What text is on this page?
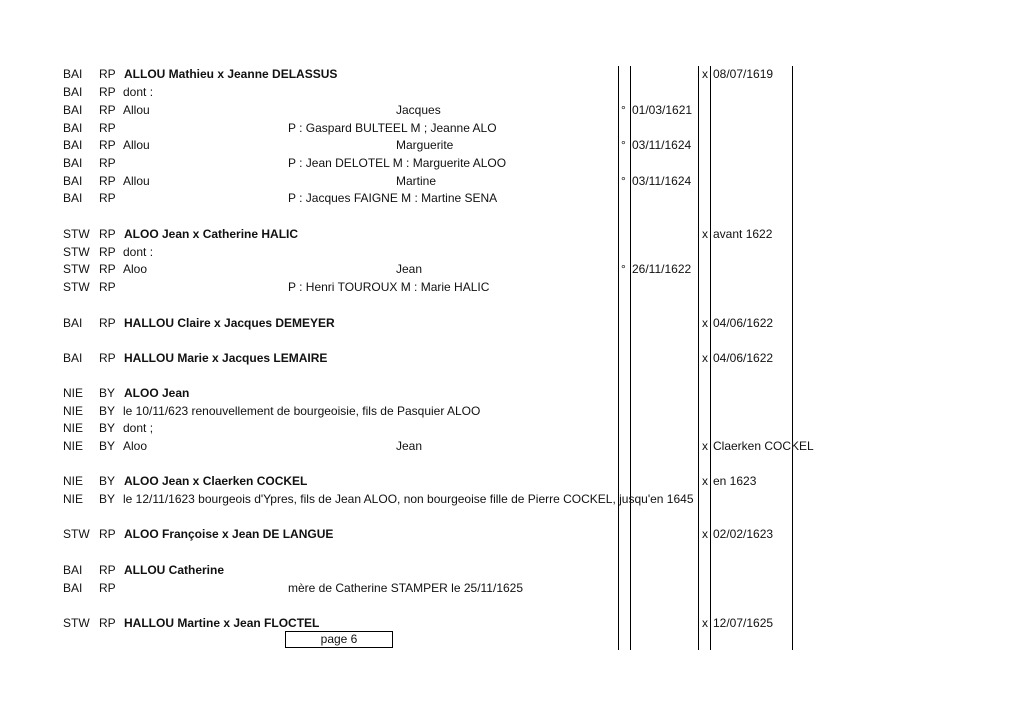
BAI RP ALLOU Mathieu x Jeanne DELASSUS	x 08/07/1619
BAI RP dont :
BAI RP Allou	Jacques	° 01/03/1621
BAI RP	P : Gaspard BULTEEL M ; Jeanne ALO
BAI RP Allou	Marguerite	° 03/11/1624
BAI RP	P : Jean DELOTEL M : Marguerite ALOO
BAI RP Allou	Martine	° 03/11/1624
BAI RP	P : Jacques FAIGNE M : Martine SENA
STW RP ALOO Jean x Catherine HALIC	x avant 1622
STW RP dont :
STW RP Aloo	Jean	° 26/11/1622
STW RP	P : Henri TOUROUX M : Marie HALIC
BAI RP HALLOU Claire x Jacques DEMEYER	x 04/06/1622
BAI RP HALLOU Marie x Jacques LEMAIRE	x 04/06/1622
NIE BY ALOO Jean
NIE BY le 10/11/623 renouvellement de bourgeoisie, fils de Pasquier ALOO
NIE BY dont ;
NIE BY Aloo	Jean	x Claerken COCKEL
NIE BY ALOO Jean x Claerken COCKEL	x en 1623
NIE BY le 12/11/1623 bourgeois d'Ypres, fils de Jean ALOO, non bourgeoise fille de Pierre COCKEL, jusqu'en 1645
STW RP ALOO Françoise x Jean DE LANGUE	x 02/02/1623
BAI RP ALLOU Catherine
BAI RP	mère de Catherine STAMPER le 25/11/1625
STW RP HALLOU Martine x Jean FLOCTEL	x 12/07/1625
page 6
